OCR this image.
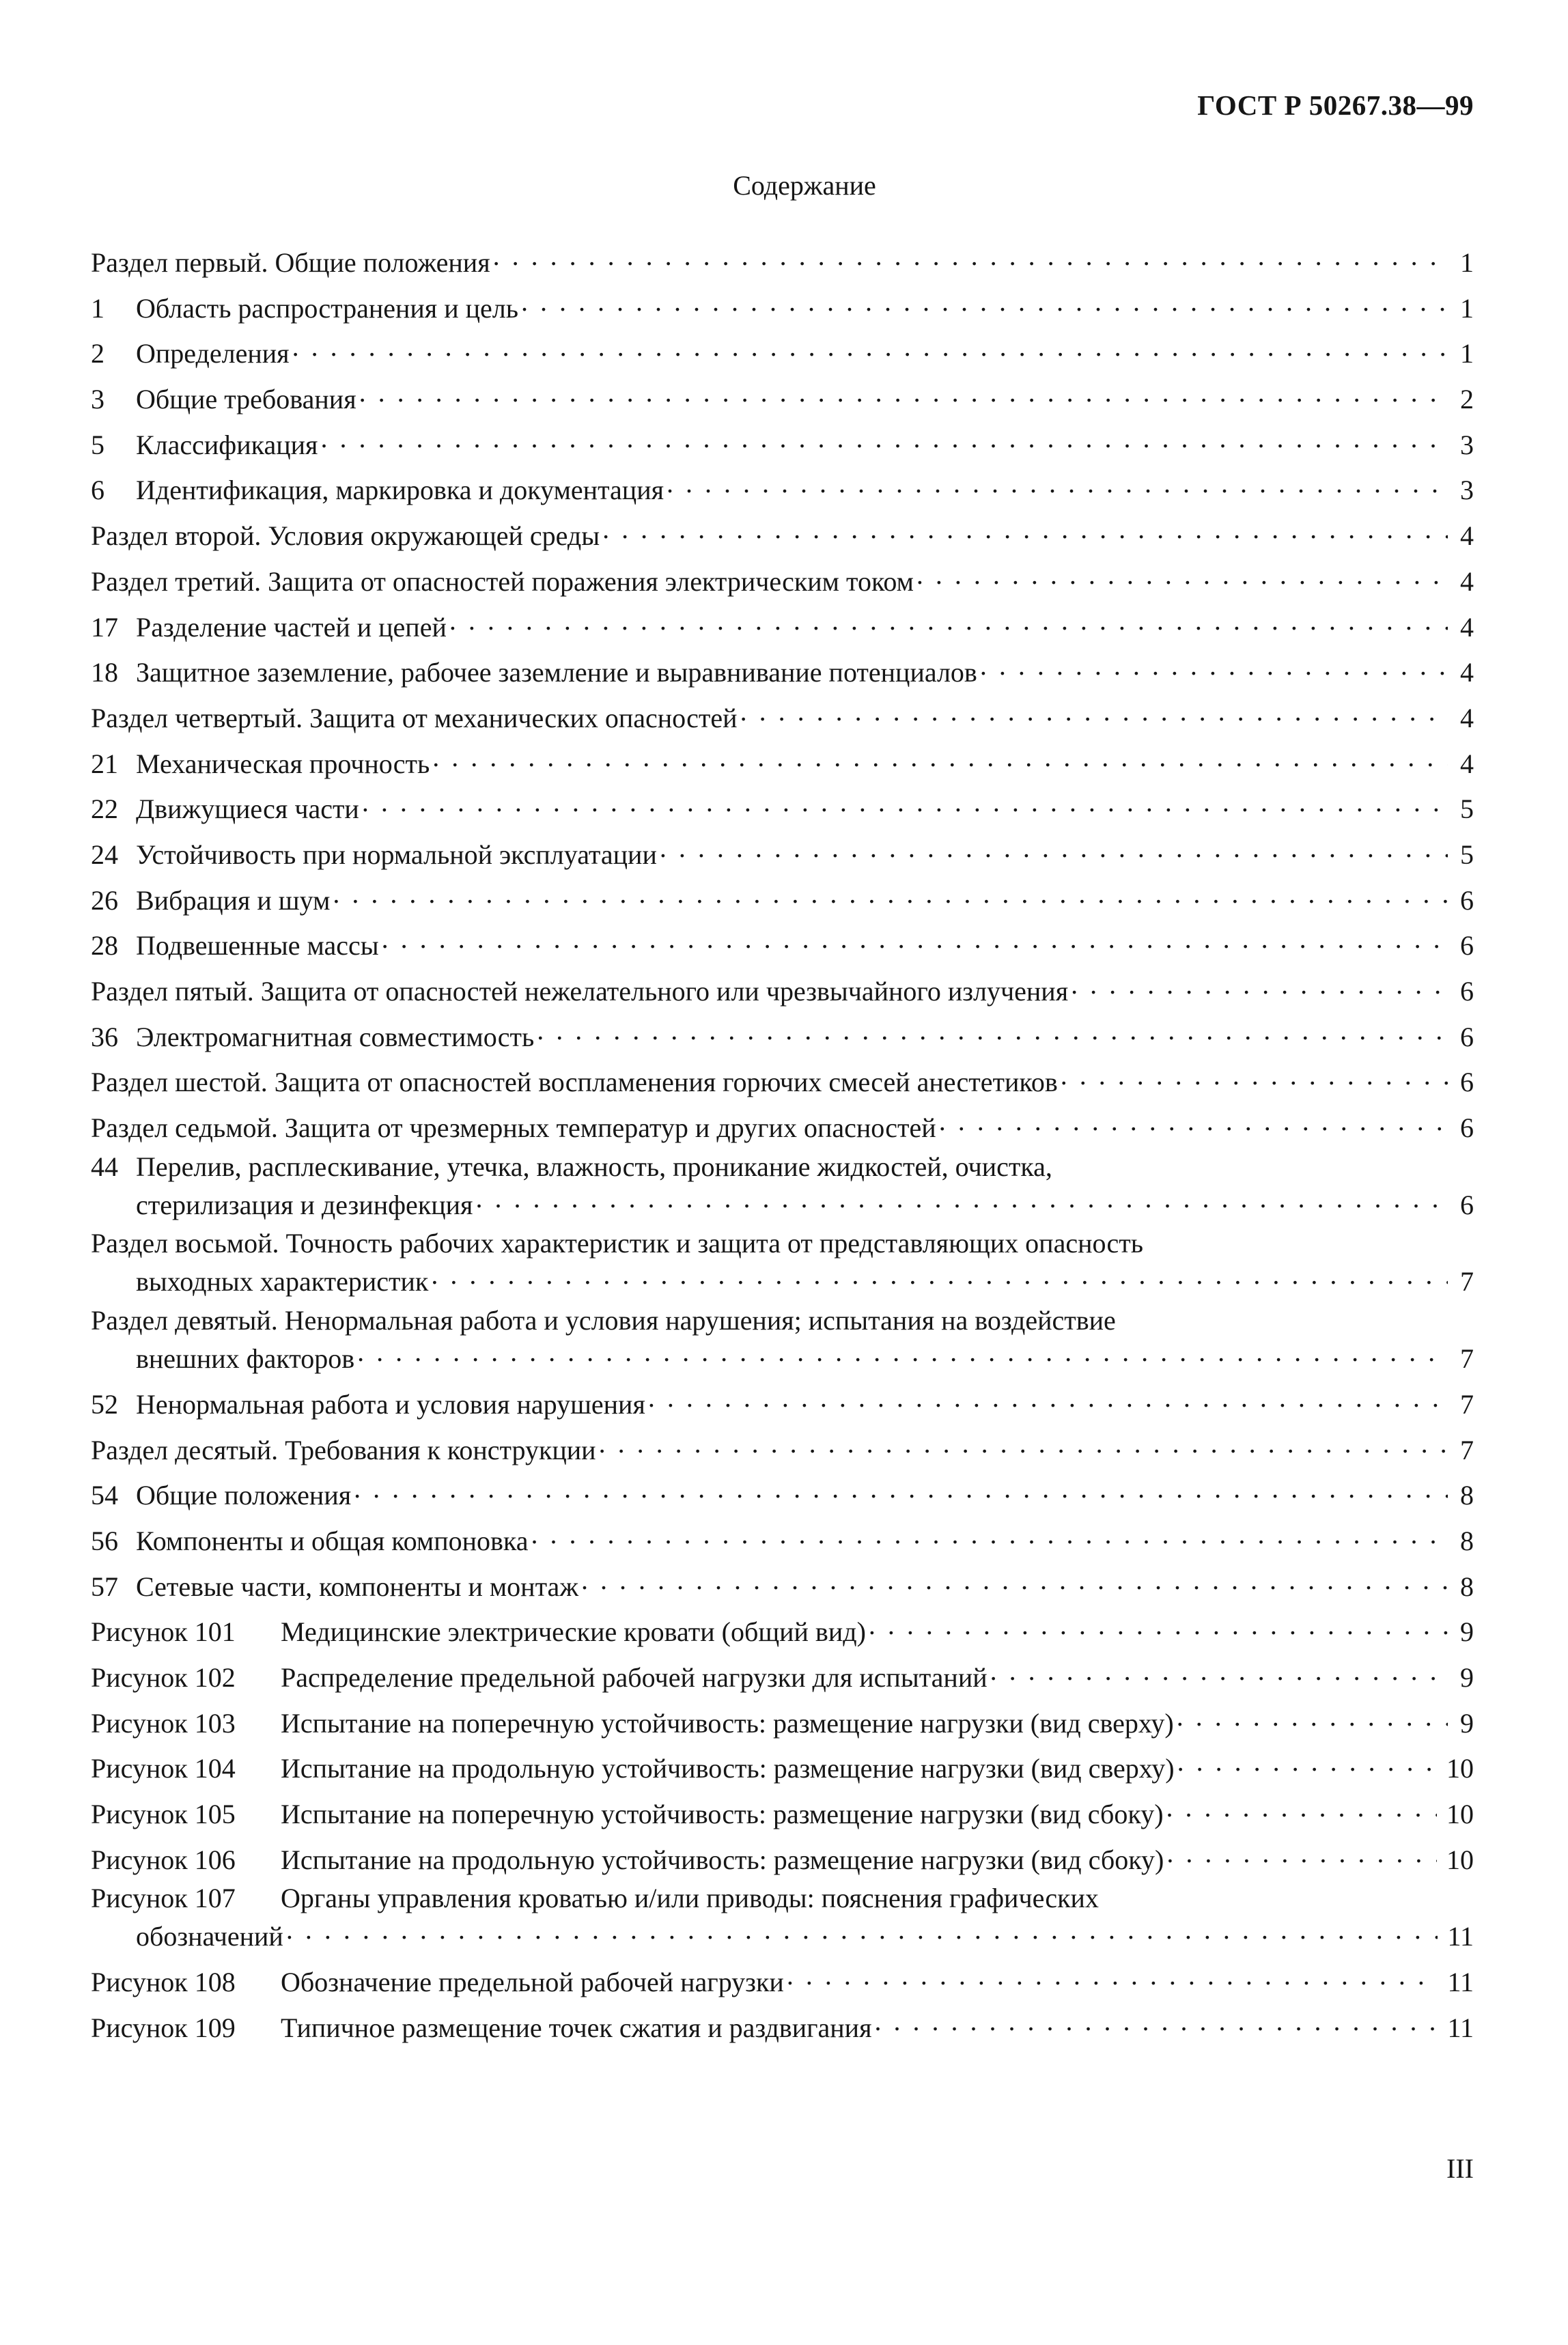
ГОСТ Р 50267.38—99
Содержание
Раздел первый. Общие положения . . .	1
1	Область распространения и цель . . .	1
2	Определения . . .	1
3	Общие требования . . .	2
5	Классификация . . .	3
6	Идентификация, маркировка и документация . . .	3
Раздел второй. Условия окружающей среды . . .	4
Раздел третий. Защита от опасностей поражения электрическим током . . .	4
17 Разделение частей и цепей . . .	4
18 Защитное заземление, рабочее заземление и выравнивание потенциалов . . .	4
Раздел четвертый. Защита от механических опасностей . . .	4
21 Механическая прочность . . .	4
22 Движущиеся части . . .	5
24 Устойчивость при нормальной эксплуатации . . .	5
26 Вибрация и шум . . .	6
28 Подвешенные массы . . .	6
Раздел пятый. Защита от опасностей нежелательного или чрезвычайного излучения . . .	6
36 Электромагнитная совместимость . . .	6
Раздел шестой. Защита от опасностей воспламенения горючих смесей анестетиков . . .	6
Раздел седьмой. Защита от чрезмерных температур и других опасностей . . .	6
44 Перелив, расплескивание, утечка, влажность, проникание жидкостей, очистка,
стерилизация и дезинфекция . . .	6
Раздел восьмой. Точность рабочих характеристик и защита от представляющих опасность
выходных характеристик . . .	7
Раздел девятый. Ненормальная работа и условия нарушения; испытания на воздействие
внешних факторов . . .	7
52 Ненормальная работа и условия нарушения . . .	7
Раздел десятый. Требования к конструкции . . .	7
54 Общие положения . . .	8
56 Компоненты и общая компоновка . . .	8
57 Сетевые части, компоненты и монтаж . . .	8
Рисунок 101	Медицинские электрические кровати (общий вид) . . .	9
Рисунок 102	Распределение предельной рабочей нагрузки для испытаний . . .	9
Рисунок 103	Испытание на поперечную устойчивость: размещение нагрузки (вид сверху) . . .	9
Рисунок 104	Испытание на продольную устойчивость: размещение нагрузки (вид сверху) . . .	10
Рисунок 105	Испытание на поперечную устойчивость: размещение нагрузки (вид сбоку) . . .	10
Рисунок 106	Испытание на продольную устойчивость: размещение нагрузки (вид сбоку) . . .	10
Рисунок 107	Органы управления кроватью и/или приводы: пояснения графических
обозначений . . .	11
Рисунок 108	Обозначение предельной рабочей нагрузки . . .	11
Рисунок 109	Типичное размещение точек сжатия и раздвигания . . .	11
III
